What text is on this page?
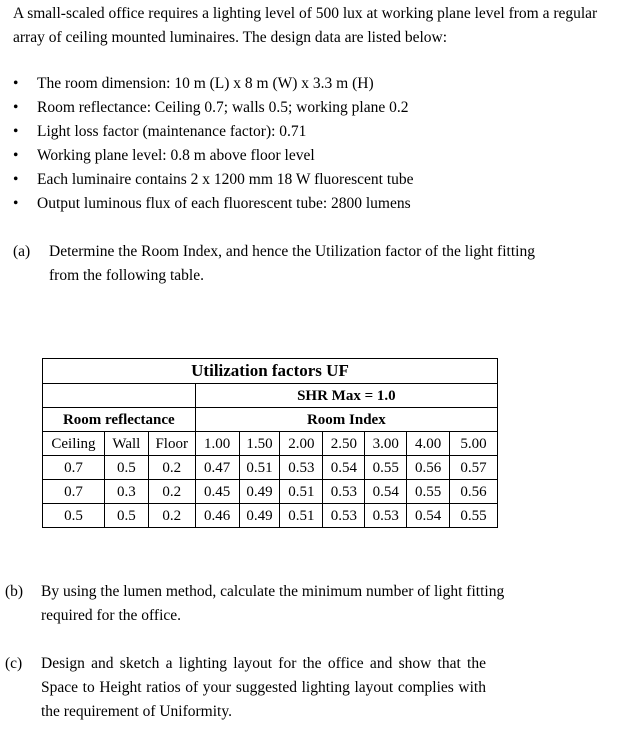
A small-scaled office requires a lighting level of 500 lux at working plane level from a regular array of ceiling mounted luminaires. The design data are listed below:
• The room dimension: 10 m (L) x 8 m (W) x 3.3 m (H)
• Room reflectance: Ceiling 0.7; walls 0.5; working plane 0.2
• Light loss factor (maintenance factor): 0.71
• Working plane level: 0.8 m above floor level
• Each luminaire contains 2 x 1200 mm 18 W fluorescent tube
• Output luminous flux of each fluorescent tube: 2800 lumens
(a) Determine the Room Index, and hence the Utilization factor of the light fitting from the following table.
Utilization factors UF									
			SHR Max = 1.0						
Room reflectance			Room Index						
Ceiling	Wall	Floor	1.00	1.50	2.00	2.50	3.00	4.00	5.00
0.7	0.5	0.2	0.47	0.51	0.53	0.54	0.55	0.56	0.57
0.7	0.3	0.2	0.45	0.49	0.51	0.53	0.54	0.55	0.56
0.5	0.5	0.2	0.46	0.49	0.51	0.53	0.53	0.54	0.55
(b) By using the lumen method, calculate the minimum number of light fitting required for the office.
(c) Design and sketch a lighting layout for the office and show that the Space to Height ratios of your suggested lighting layout complies with the requirement of Uniformity.
